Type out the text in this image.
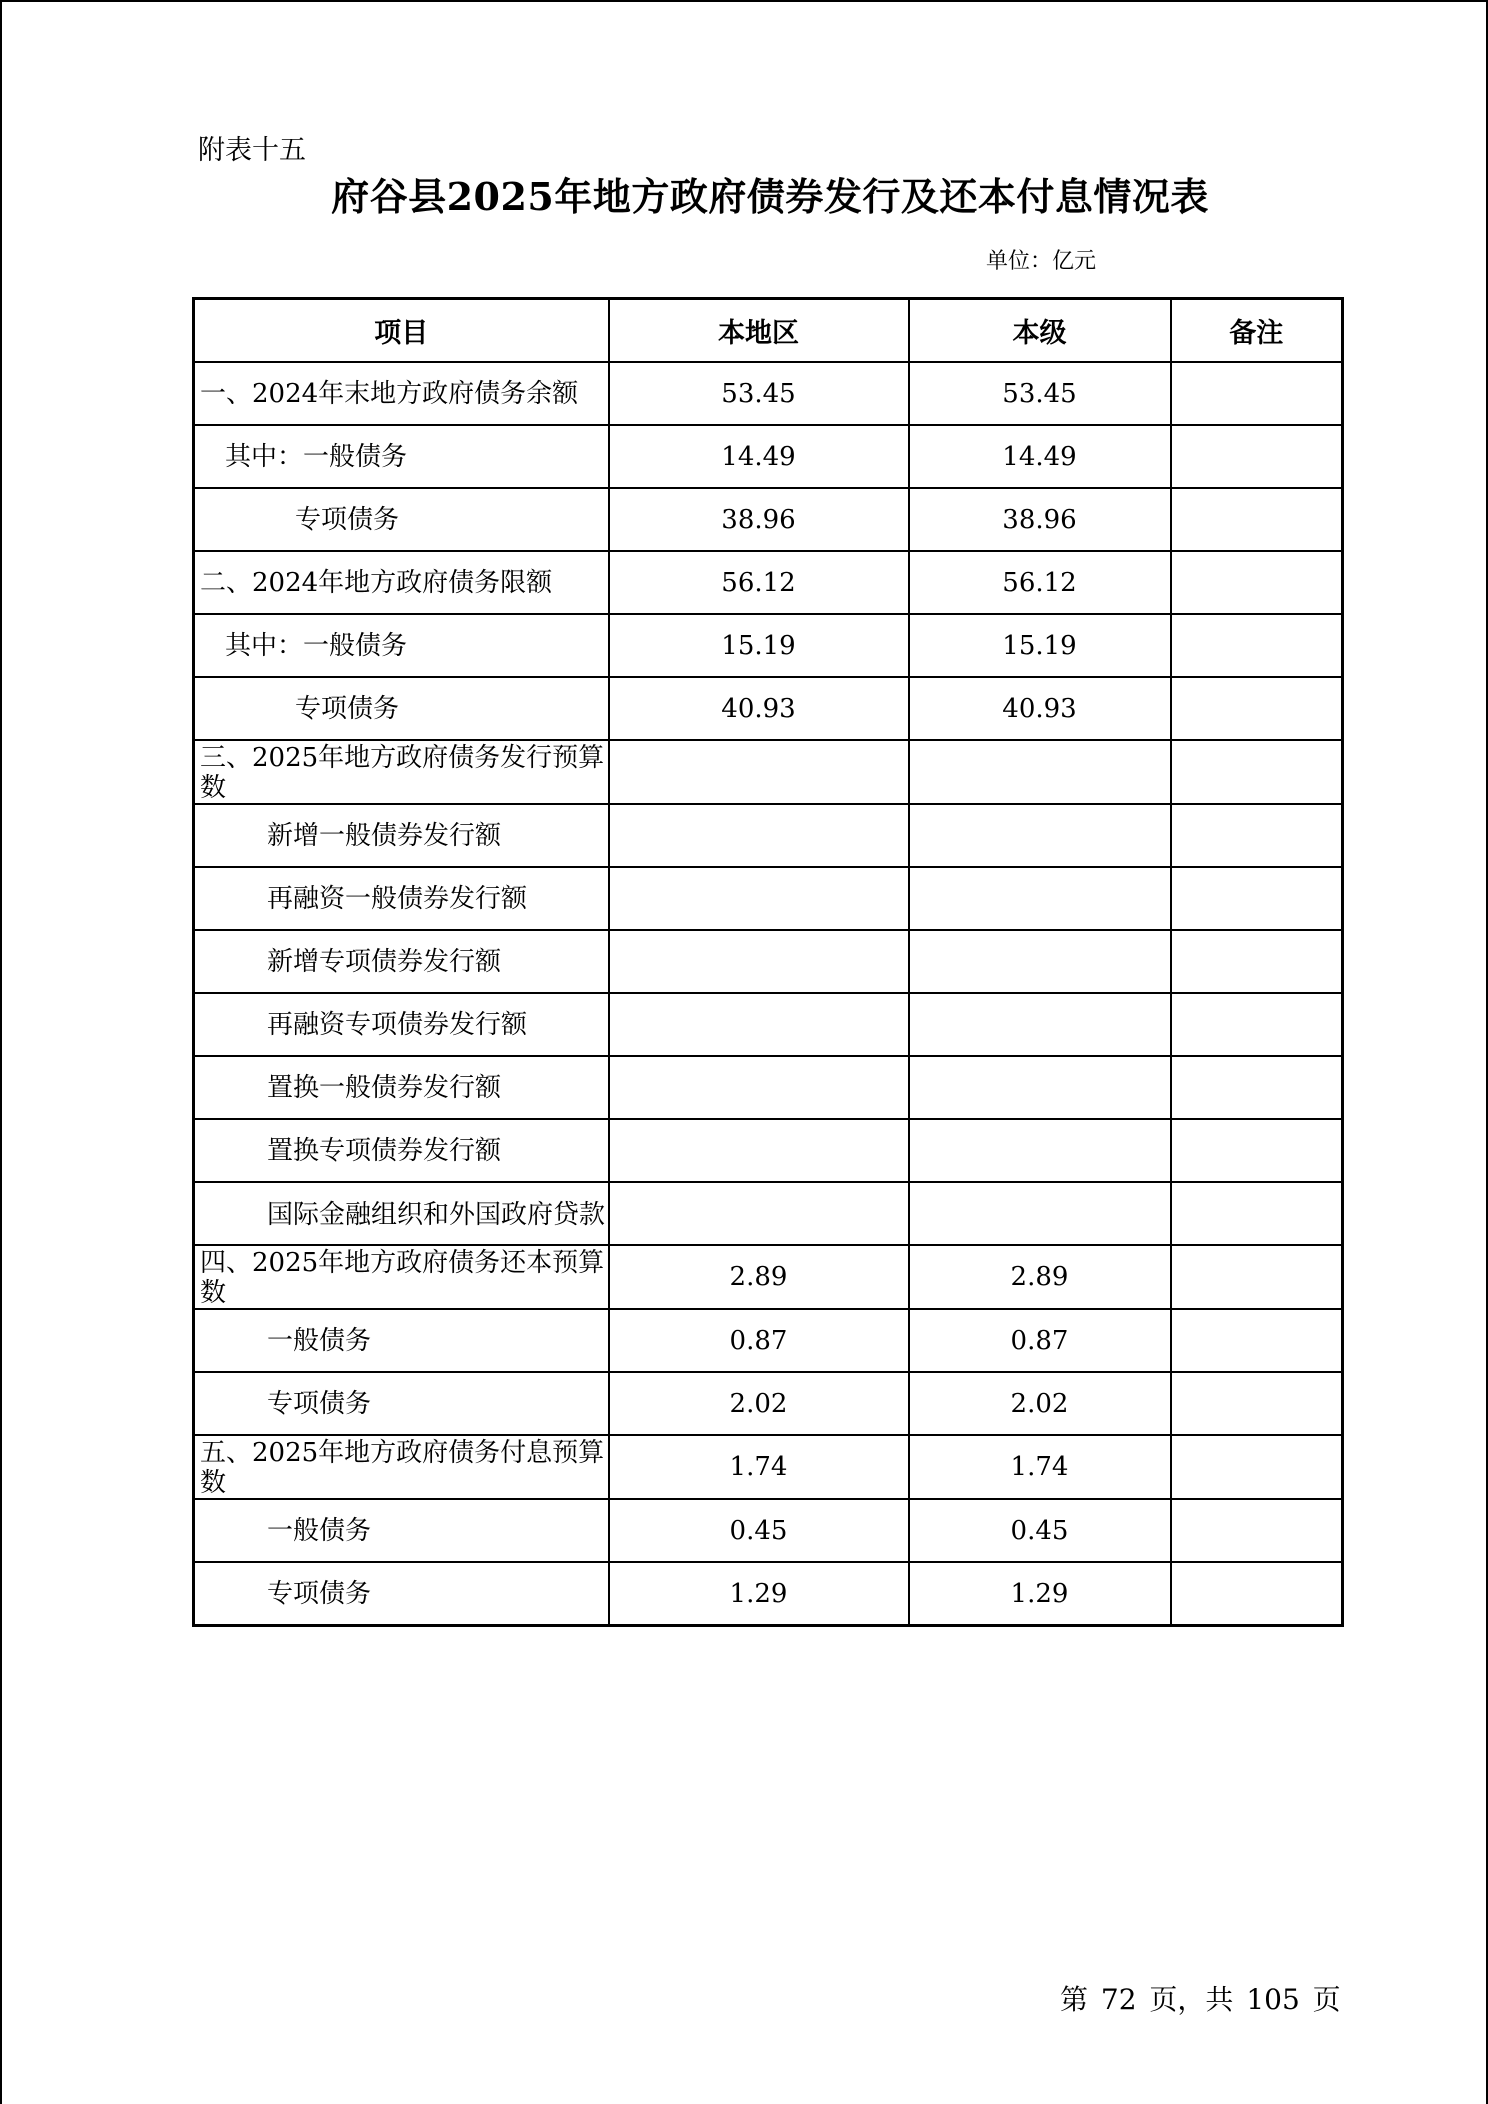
附表十五
府谷县2025年地方政府债券发行及还本付息情况表
单位：亿元
项目	本地区	本级	备注

一、2024年末地方政府债务余额	53.45	53.45	

其中：一般债务	14.49	14.49	

专项债务	38.96	38.96	

二、2024年地方政府债务限额	56.12	56.12	

其中：一般债务	15.19	15.19	

专项债务	40.93	40.93	

三、2025年地方政府债务发行预算数			

新增一般债券发行额			

再融资一般债券发行额			

新增专项债券发行额			

再融资专项债券发行额			

置换一般债券发行额			

置换专项债券发行额			

国际金融组织和外国政府贷款			

四、2025年地方政府债务还本预算数	2.89	2.89	

一般债务	0.87	0.87	

专项债务	2.02	2.02	

五、2025年地方政府债务付息预算数	1.74	1.74	

一般债务	0.45	0.45	

专项债务	1.29	1.29	
第 72 页，共 105 页
